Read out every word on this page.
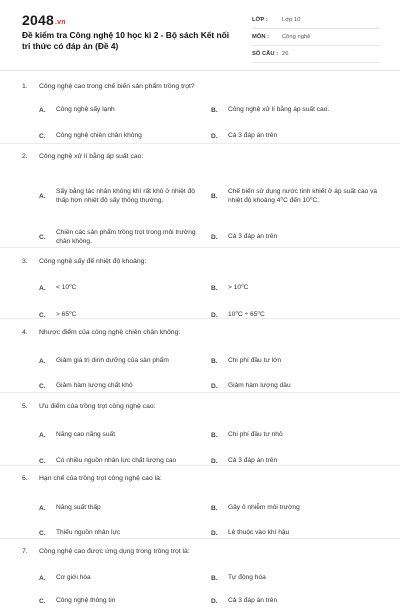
2048.vn
Đề kiểm tra Công nghệ 10 học kì 2 - Bộ sách Kết nối tri thức có đáp án (Đề 4)
LỚP :	Lớp 10
MÔN :	Công nghệ
SỐ CÂU : 26
1.	Công nghệ cao trong chế biến sản phẩm trồng trọt?
A.	Công nghệ sấy lạnh	B.	Công nghệ xử lí bằng áp suất cao.
C.	Công nghệ chiên chân không	D.	Cả 3 đáp án trên
2.	Công nghệ xử lí bằng áp suất cao:
A.
Sấy bằng tác nhân không khí rất khô ở nhiệt độ thấp hơn nhiệt độ sấy thông thường.
B.
Chế biến sử dụng nước tinh khiết ở áp suất cao và nhiệt độ khoảng 4⁰C đến 10⁰C.
C.
Chiên các sản phẩm trồng trọt trong môi trường chân không.
D.	Cả 3 đáp án trên
3.	Công nghệ sấy để nhiệt độ khoảng:
A.	< 10⁰C	B.	> 10⁰C
C.	> 65⁰C	D.	10⁰C ÷ 65⁰C
4.	Nhược điểm của công nghệ chiên chân không:
A.	Giảm giá trị dinh dưỡng của sản phẩm	B.	Chi phí đầu tư lớn
C.	Giảm hàm lượng chất khô	D.	Giảm hàm lượng dầu
5.	Ưu điểm của trồng trọt công nghệ cao:
A.	Năng cao năng suất	B.	Chi phí đầu tư nhỏ
C.	Có nhiều nguồn nhân lực chất lượng cao	D.	Cả 3 đáp án trên
6.	Hạn chế của trồng trọt công nghệ cao là:
A.	Năng suất thấp	B.	Gây ô nhiễm môi trường
C.	Thiếu nguồn nhân lực	D.	Lệ thuộc vào khí hậu
7.	Công nghệ cao được ứng dụng trong trồng trọt là:
A.	Cơ giới hóa	B.	Tự động hóa
C.	Công nghệ thông tin	D.	Cả 3 đáp án trên
